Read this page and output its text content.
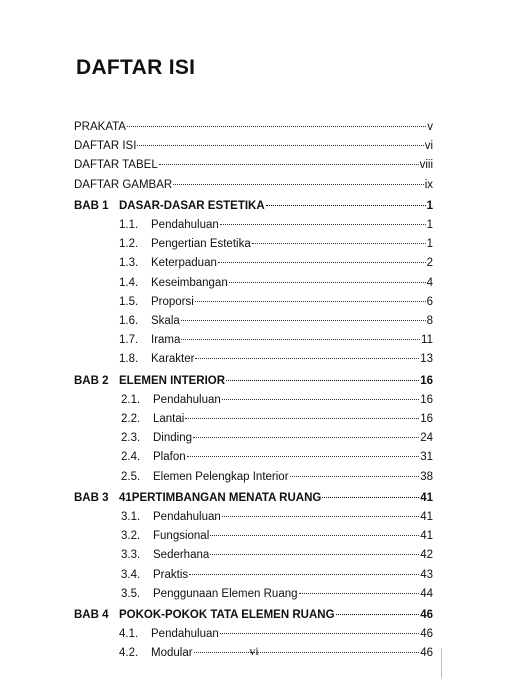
DAFTAR ISI
PRAKATA	v
DAFTAR ISI	vi
DAFTAR TABEL	viii
DAFTAR GAMBAR	ix
BAB 1 DASAR-DASAR ESTETIKA	1
1.1.	Pendahuluan	1
1.2.	Pengertian Estetika	1
1.3.	Keterpaduan	2
1.4.	Keseimbangan	4
1.5.	Proporsi	6
1.6.	Skala	8
1.7.	Irama	11
1.8.	Karakter	13
BAB 2 ELEMEN INTERIOR	16
2.1.	Pendahuluan	16
2.2.	Lantai	16
2.3.	Dinding	24
2.4.	Plafon	31
2.5.	Elemen Pelengkap Interior	38
BAB 3 41PERTIMBANGAN MENATA RUANG	41
3.1.	Pendahuluan	41
3.2.	Fungsional	41
3.3.	Sederhana	42
3.4.	Praktis	43
3.5.	Penggunaan Elemen Ruang	44
BAB 4 POKOK-POKOK TATA ELEMEN RUANG	46
4.1.	Pendahuluan	46
4.2.	Modular	46
vi
